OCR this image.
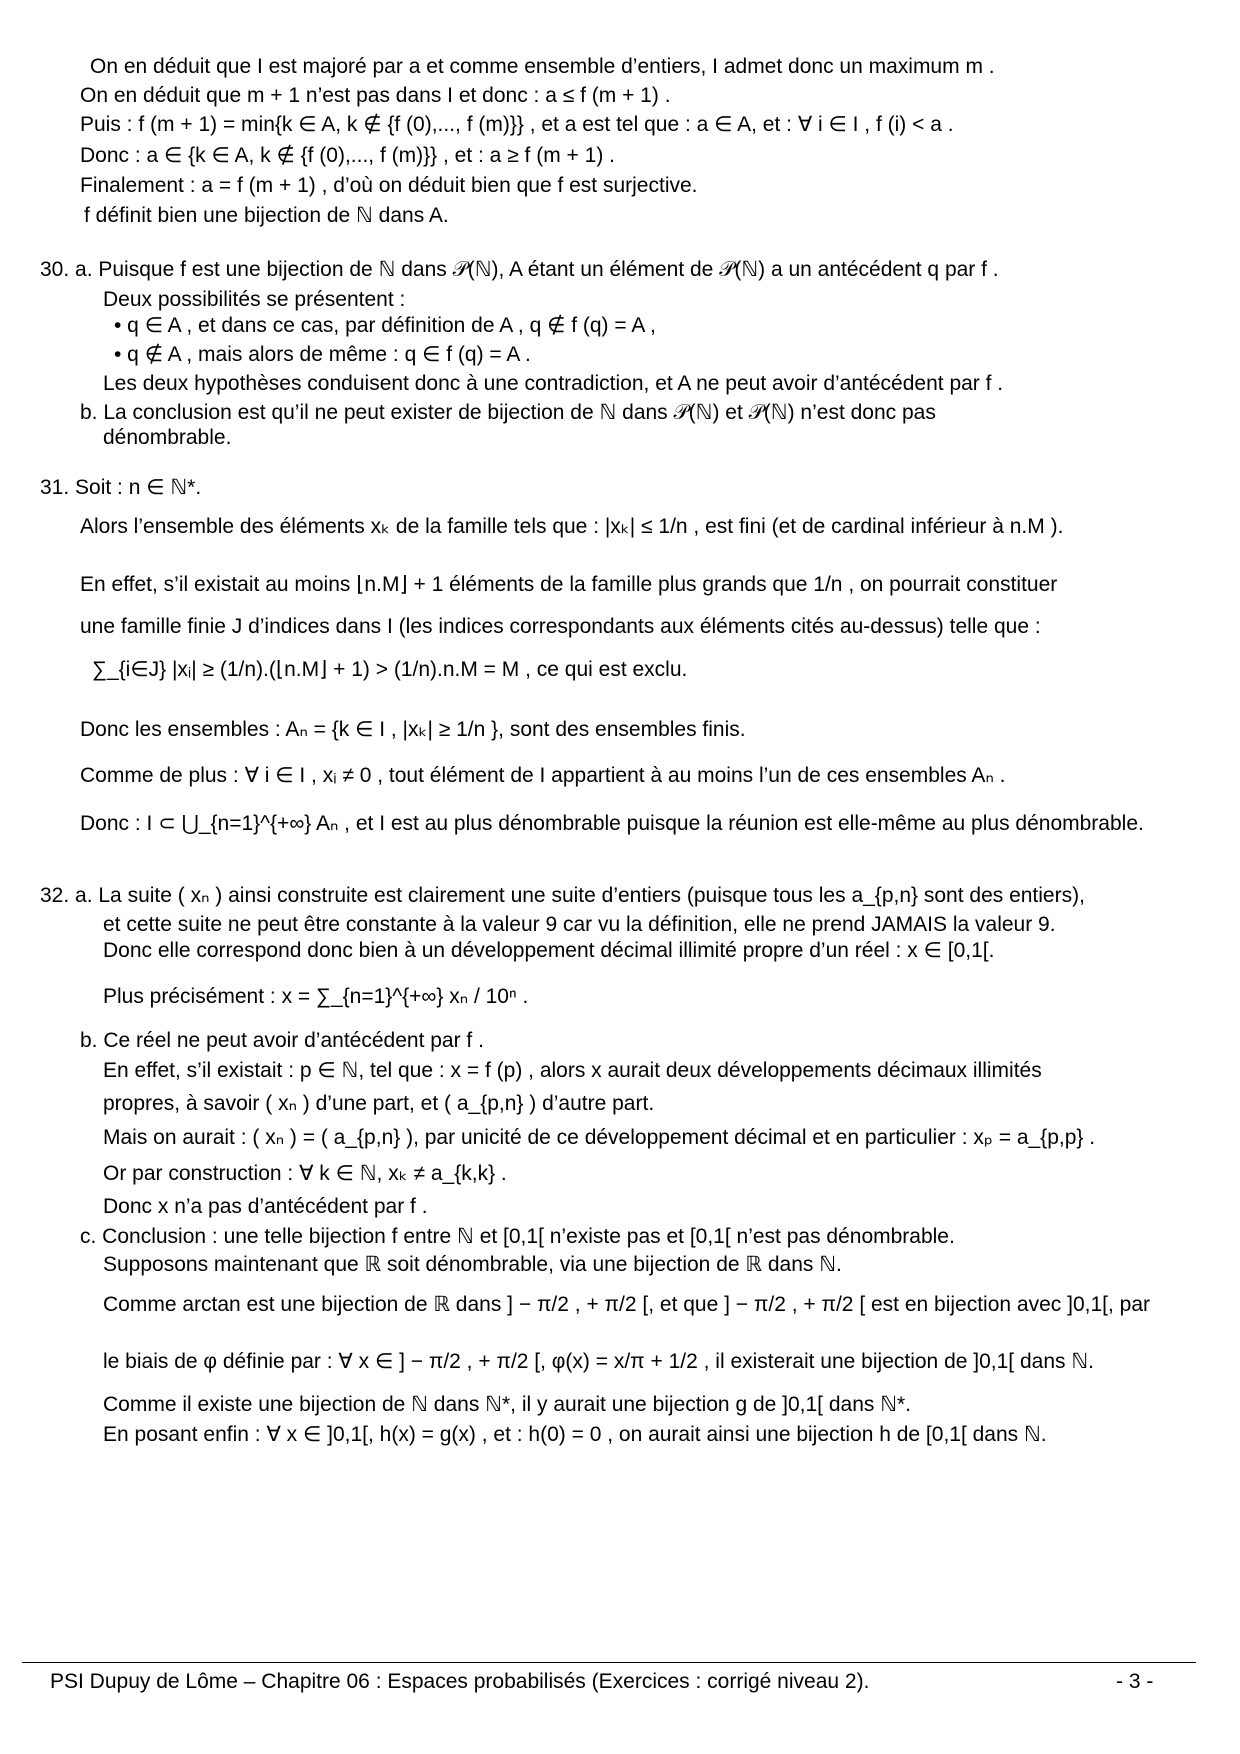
On en déduit que I est majoré par a et comme ensemble d’entiers, I admet donc un maximum m .
On en déduit que m + 1 n’est pas dans I et donc : a ≤ f (m + 1) .
Puis : f (m + 1) = min{k ∈ A, k ∉ {f (0),..., f (m)}} , et a est tel que : a ∈ A, et : ∀ i ∈ I , f (i) < a .
Donc : a ∈ {k ∈ A, k ∉ {f (0),..., f (m)}} , et : a ≥ f (m + 1) .
Finalement : a = f (m + 1) , d’où on déduit bien que f est surjective.
f définit bien une bijection de ℕ dans A.
30. a. Puisque f est une bijection de ℕ dans 𝒫(ℕ), A étant un élément de 𝒫(ℕ) a un antécédent q par f .
Deux possibilités se présentent :
• q ∈ A , et dans ce cas, par définition de A , q ∉ f (q) = A ,
• q ∉ A , mais alors de même : q ∈ f (q) = A .
Les deux hypothèses conduisent donc à une contradiction, et A ne peut avoir d’antécédent par f .
b. La conclusion est qu’il ne peut exister de bijection de ℕ dans 𝒫(ℕ) et 𝒫(ℕ) n’est donc pas
dénombrable.
31. Soit : n ∈ ℕ*.
Alors l’ensemble des éléments xₖ de la famille tels que : |xₖ| ≤ 1/n , est fini (et de cardinal inférieur à n.M ).
En effet, s’il existait au moins ⌊n.M⌋ + 1 éléments de la famille plus grands que 1/n , on pourrait constituer
une famille finie J d’indices dans I (les indices correspondants aux éléments cités au-dessus) telle que :
∑_{i∈J} |xᵢ| ≥ (1/n).(⌊n.M⌋ + 1) > (1/n).n.M = M , ce qui est exclu.
Donc les ensembles : Aₙ = {k ∈ I , |xₖ| ≥ 1/n }, sont des ensembles finis.
Comme de plus : ∀ i ∈ I , xᵢ ≠ 0 , tout élément de I appartient à au moins l’un de ces ensembles Aₙ .
Donc : I ⊂ ⋃_{n=1}^{+∞} Aₙ , et I est au plus dénombrable puisque la réunion est elle-même au plus dénombrable.
32. a. La suite ( xₙ ) ainsi construite est clairement une suite d’entiers (puisque tous les a_{p,n} sont des entiers),
et cette suite ne peut être constante à la valeur 9 car vu la définition, elle ne prend JAMAIS la valeur 9.
Donc elle correspond donc bien à un développement décimal illimité propre d’un réel : x ∈ [0,1[.
Plus précisément : x = ∑_{n=1}^{+∞} xₙ / 10ⁿ .
b. Ce réel ne peut avoir d’antécédent par f .
En effet, s’il existait : p ∈ ℕ, tel que : x = f (p) , alors x aurait deux développements décimaux illimités
propres, à savoir ( xₙ ) d’une part, et ( a_{p,n} ) d’autre part.
Mais on aurait : ( xₙ ) = ( a_{p,n} ), par unicité de ce développement décimal et en particulier : xₚ = a_{p,p} .
Or par construction : ∀ k ∈ ℕ, xₖ ≠ a_{k,k} .
Donc x n’a pas d’antécédent par f .
c. Conclusion : une telle bijection f entre ℕ et [0,1[ n’existe pas et [0,1[ n’est pas dénombrable.
Supposons maintenant que ℝ soit dénombrable, via une bijection de ℝ dans ℕ.
Comme arctan est une bijection de ℝ dans ] − π/2 , + π/2 [, et que ] − π/2 , + π/2 [ est en bijection avec ]0,1[, par
le biais de φ définie par : ∀ x ∈ ] − π/2 , + π/2 [, φ(x) = x/π + 1/2 , il existerait une bijection de ]0,1[ dans ℕ.
Comme il existe une bijection de ℕ dans ℕ*, il y aurait une bijection g de ]0,1[ dans ℕ*.
En posant enfin : ∀ x ∈ ]0,1[, h(x) = g(x) , et : h(0) = 0 , on aurait ainsi une bijection h de [0,1[ dans ℕ.
PSI Dupuy de Lôme – Chapitre 06 : Espaces probabilisés (Exercices : corrigé niveau 2).	- 3 -
